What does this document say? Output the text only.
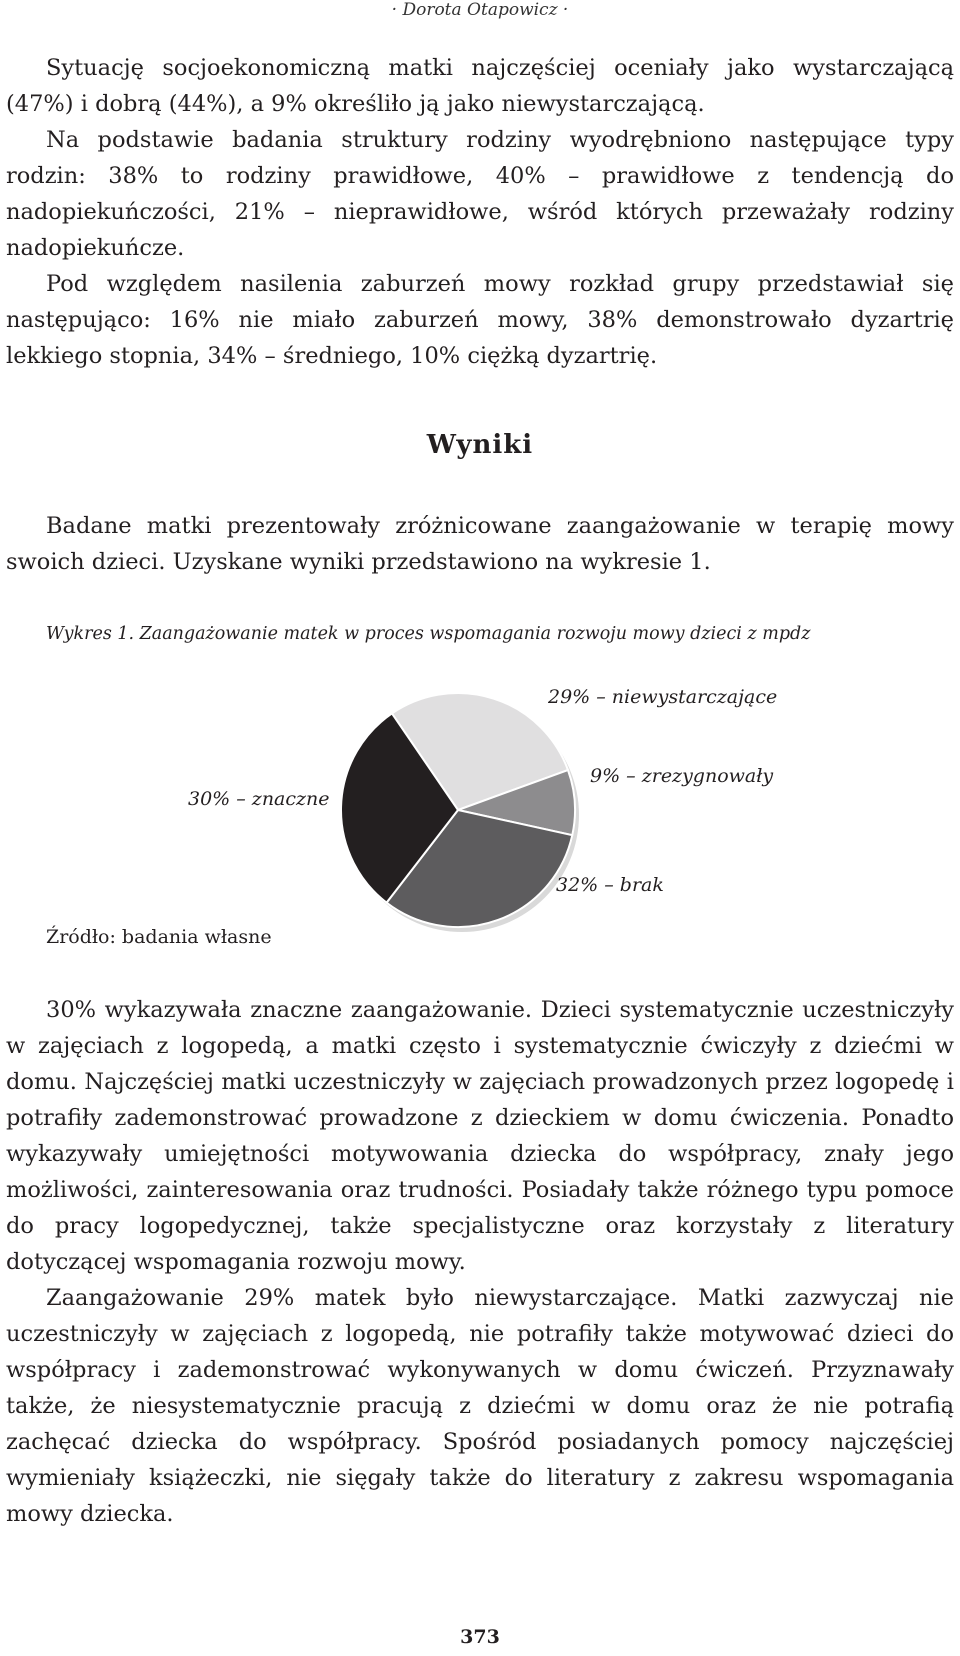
· Dorota Otapowicz ·

Sytuację socjoekonomiczną matki najczęściej oceniały jako wystarczającą (47%) i dobrą (44%), a 9% określiło ją jako niewystarczającą.

Na podstawie badania struktury rodziny wyodrębniono następujące typy rodzin: 38% to rodziny prawidłowe, 40% – prawidłowe z tendencją do nadopiekuńczości, 21% – nieprawidłowe, wśród których przeważały rodziny nadopiekuńcze.

Pod względem nasilenia zaburzeń mowy rozkład grupy przedstawiał się następująco: 16% nie miało zaburzeń mowy, 38% demonstrowało dyzartrię lekkiego stopnia, 34% – średniego, 10% ciężką dyzartrię.

Wyniki

Badane matki prezentowały zróżnicowane zaangażowanie w terapię mowy swoich dzieci. Uzyskane wyniki przedstawiono na wykresie 1.

Wykres 1. Zaangażowanie matek w proces wspomagania rozwoju mowy dzieci z mpdz
29% – niewystarczające
9% – zrezygnowały
32% – brak
30% – znaczne
Źródło: badania własne

30% wykazywała znaczne zaangażowanie. Dzieci systematycznie uczestniczyły w zajęciach z logopedą, a matki często i systematycznie ćwiczyły z dziećmi w domu. Najczęściej matki uczestniczyły w zajęciach prowadzonych przez logopedę i potrafiły zademonstrować prowadzone z dzieckiem w domu ćwiczenia. Ponadto wykazywały umiejętności motywowania dziecka do współpracy, znały jego możliwości, zainteresowania oraz trudności. Posiadały także różnego typu pomoce do pracy logopedycznej, także specjalistyczne oraz korzystały z literatury dotyczącej wspomagania rozwoju mowy.

Zaangażowanie 29% matek było niewystarczające. Matki zazwyczaj nie uczestniczyły w zajęciach z logopedą, nie potrafiły także motywować dzieci do współpracy i zademonstrować wykonywanych w domu ćwiczeń. Przyznawały także, że niesystematycznie pracują z dziećmi w domu oraz że nie potrafią zachęcać dziecka do współpracy. Spośród posiadanych pomocy najczęściej wymieniały książeczki, nie sięgały także do literatury z zakresu wspomagania mowy dziecka.

373
